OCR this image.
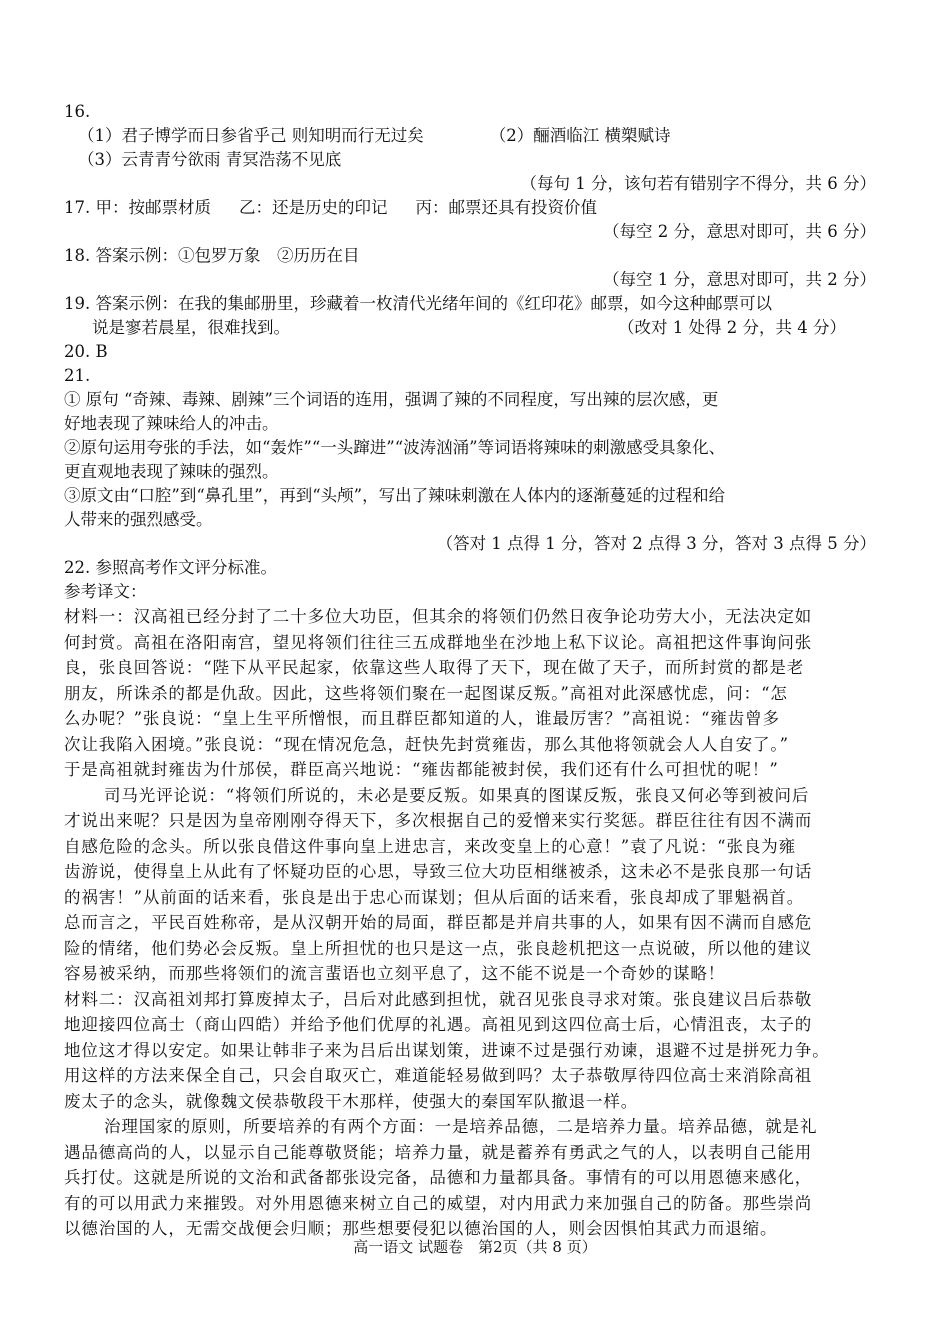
16.
（1）君子博学而日参省乎己 则知明而行无过矣	（2）酾酒临江 横槊赋诗
（3）云青青兮欲雨 青冥浩荡不见底
（每句 1 分，该句若有错别字不得分，共 6 分）
17. 甲：按邮票材质 乙：还是历史的印记 丙：邮票还具有投资价值
（每空 2 分，意思对即可，共 6 分）
18. 答案示例：①包罗万象　②历历在目
（每空 1 分，意思对即可，共 2 分）
19. 答案示例：在我的集邮册里，珍藏着一枚清代光绪年间的《红印花》邮票，如今这种邮票可以
说是寥若晨星，很难找到。	（改对 1 处得 2 分，共 4 分）
20. B
21.
① 原句 “奇辣、毒辣、剧辣”三个词语的连用，强调了辣的不同程度，写出辣的层次感，更
好地表现了辣味给人的冲击。
②原句运用夸张的手法，如“轰炸”“一头蹿进”“波涛汹涌”等词语将辣味的刺激感受具象化、
更直观地表现了辣味的强烈。
③原文由“口腔”到“鼻孔里”，再到“头颅”，写出了辣味刺激在人体内的逐渐蔓延的过程和给
人带来的强烈感受。
（答对 1 点得 1 分，答对 2 点得 3 分，答对 3 点得 5 分）
22. 参照高考作文评分标准。
参考译文：
材料一：汉高祖已经分封了二十多位大功臣，但其余的将领们仍然日夜争论功劳大小，无法决定如
何封赏。高祖在洛阳南宫，望见将领们往往三五成群地坐在沙地上私下议论。高祖把这件事询问张
良，张良回答说：“陛下从平民起家，依靠这些人取得了天下，现在做了天子，而所封赏的都是老
朋友，所诛杀的都是仇敌。因此，这些将领们聚在一起图谋反叛。”高祖对此深感忧虑，问：“怎
么办呢？”张良说：“皇上生平所憎恨，而且群臣都知道的人，谁最厉害？”高祖说：“雍齿曾多
次让我陷入困境。”张良说：“现在情况危急，赶快先封赏雍齿，那么其他将领就会人人自安了。”
于是高祖就封雍齿为什邡侯，群臣高兴地说：“雍齿都能被封侯，我们还有什么可担忧的呢！”
司马光评论说：“将领们所说的，未必是要反叛。如果真的图谋反叛，张良又何必等到被问后
才说出来呢？只是因为皇帝刚刚夺得天下，多次根据自己的爱憎来实行奖惩。群臣往往有因不满而
自感危险的念头。所以张良借这件事向皇上进忠言，来改变皇上的心意！”袁了凡说：“张良为雍
齿游说，使得皇上从此有了怀疑功臣的心思，导致三位大功臣相继被杀，这未必不是张良那一句话
的祸害！”从前面的话来看，张良是出于忠心而谋划；但从后面的话来看，张良却成了罪魁祸首。
总而言之，平民百姓称帝，是从汉朝开始的局面，群臣都是并肩共事的人，如果有因不满而自感危
险的情绪，他们势必会反叛。皇上所担忧的也只是这一点，张良趁机把这一点说破，所以他的建议
容易被采纳，而那些将领们的流言蜚语也立刻平息了，这不能不说是一个奇妙的谋略！
材料二：汉高祖刘邦打算废掉太子，吕后对此感到担忧，就召见张良寻求对策。张良建议吕后恭敬
地迎接四位高士（商山四皓）并给予他们优厚的礼遇。高祖见到这四位高士后，心情沮丧，太子的
地位这才得以安定。如果让韩非子来为吕后出谋划策，进谏不过是强行劝谏，退避不过是拼死力争。
用这样的方法来保全自己，只会自取灭亡，难道能轻易做到吗？太子恭敬厚待四位高士来消除高祖
废太子的念头，就像魏文侯恭敬段干木那样，使强大的秦国军队撤退一样。
治理国家的原则，所要培养的有两个方面：一是培养品德，二是培养力量。培养品德，就是礼
遇品德高尚的人，以显示自己能尊敬贤能；培养力量，就是蓄养有勇武之气的人，以表明自己能用
兵打仗。这就是所说的文治和武备都张设完备，品德和力量都具备。事情有的可以用恩德来感化，
有的可以用武力来摧毁。对外用恩德来树立自己的威望，对内用武力来加强自己的防备。那些崇尚
以德治国的人，无需交战便会归顺；那些想要侵犯以德治国的人，则会因惧怕其武力而退缩。
高一语文 试题卷　第2页（共 8 页）
